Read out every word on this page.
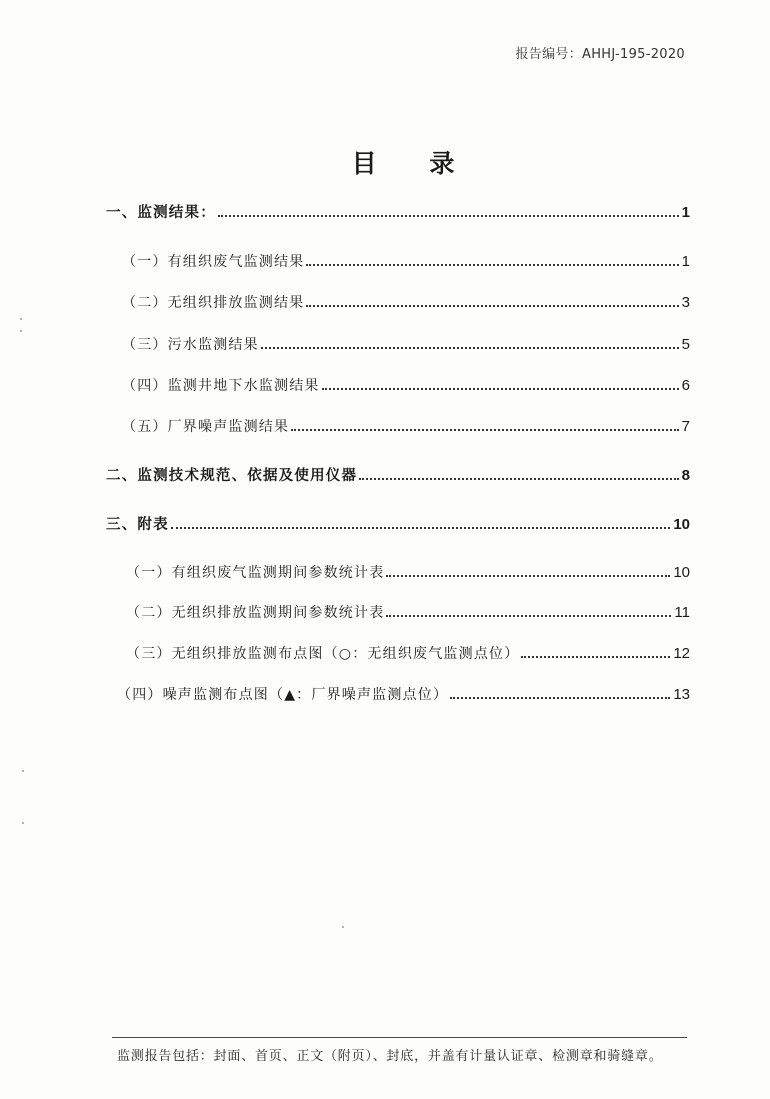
报告编号：AHHJ-195-2020
目 录
一、监测结果：	1
（一）有组织废气监测结果	1
（二）无组织排放监测结果	3
（三）污水监测结果	5
（四）监测井地下水监测结果	6
（五）厂界噪声监测结果	7
二、监测技术规范、依据及使用仪器	8
三、附表	10
（一）有组织废气监测期间参数统计表	10
（二）无组织排放监测期间参数统计表	11
（三）无组织排放监测布点图（○：无组织废气监测点位）	12
（四）噪声监测布点图（▲：厂界噪声监测点位）	13
监测报告包括：封面、首页、正文（附页）、封底，并盖有计量认证章、检测章和骑缝章。
